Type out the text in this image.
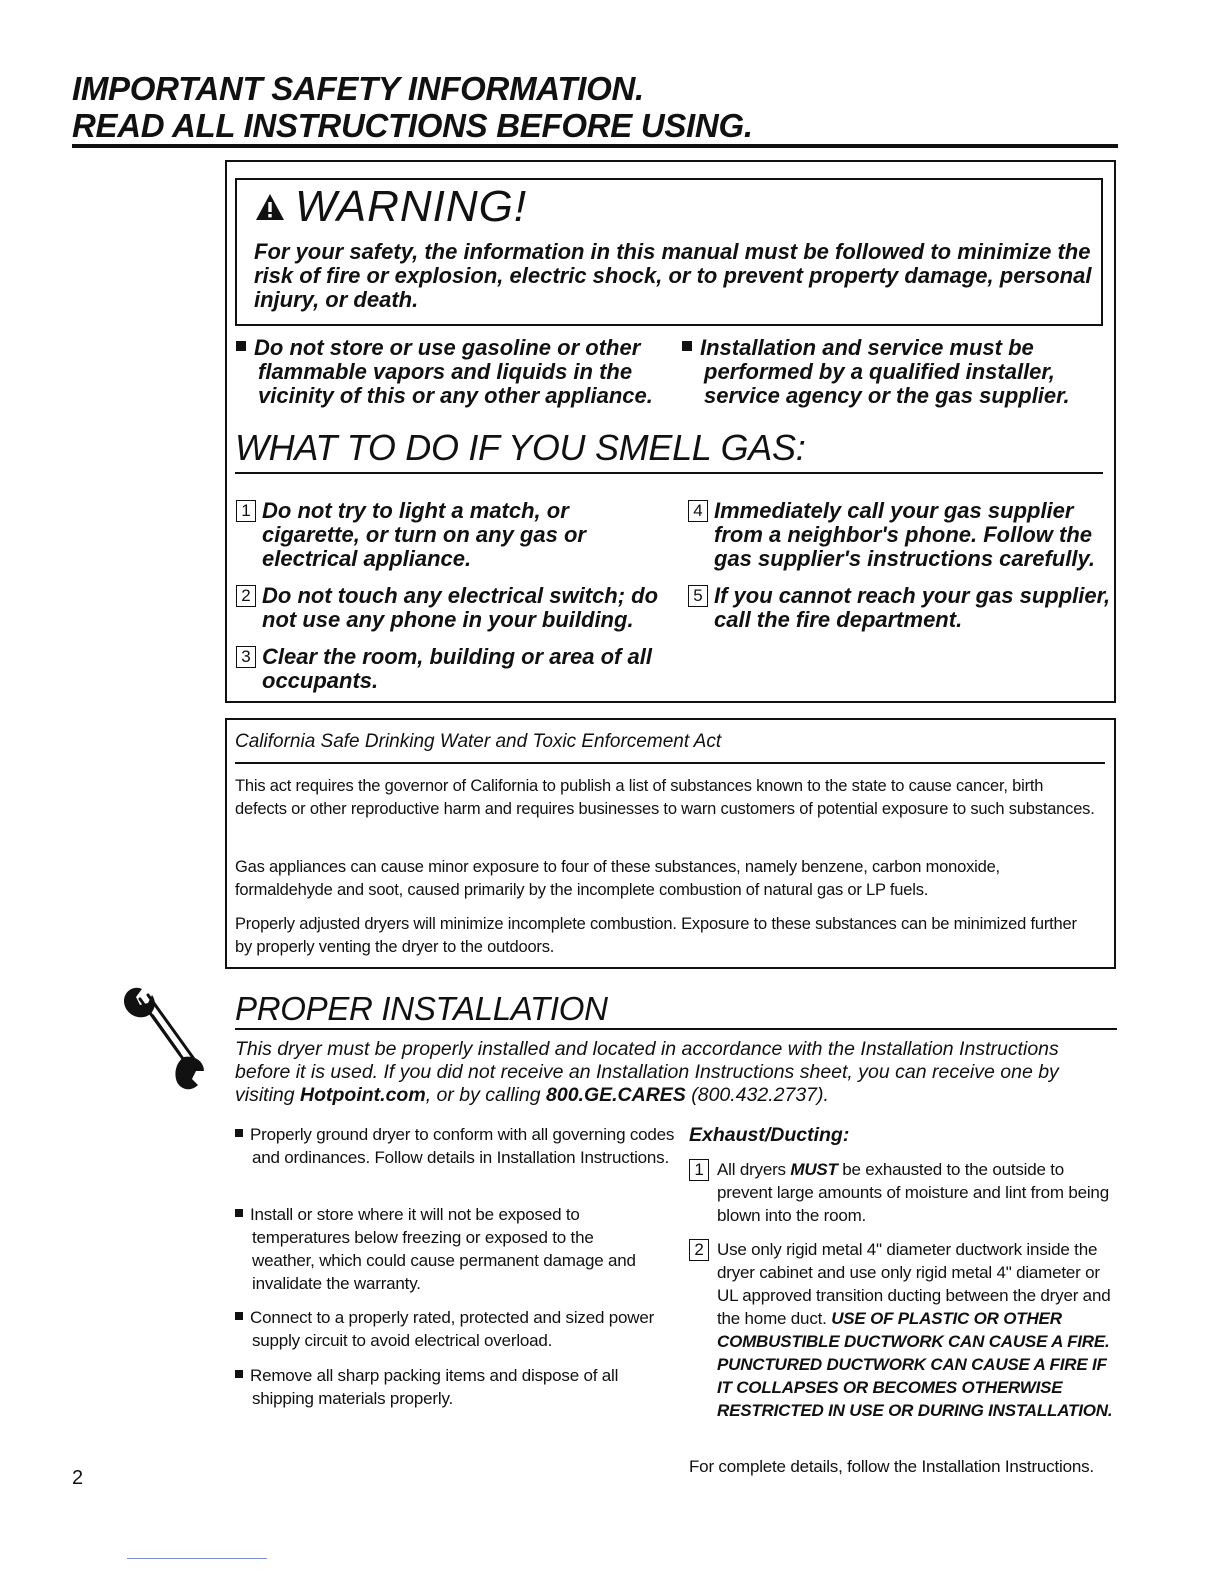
IMPORTANT SAFETY INFORMATION.
READ ALL INSTRUCTIONS BEFORE USING.
WARNING!
For your safety, the information in this manual must be followed to minimize the risk of fire or explosion, electric shock, or to prevent property damage, personal injury, or death.
Do not store or use gasoline or other flammable vapors and liquids in the vicinity of this or any other appliance.
Installation and service must be performed by a qualified installer, service agency or the gas supplier.
WHAT TO DO IF YOU SMELL GAS:
1 Do not try to light a match, or cigarette, or turn on any gas or electrical appliance.
2 Do not touch any electrical switch; do not use any phone in your building.
3 Clear the room, building or area of all occupants.
4 Immediately call your gas supplier from a neighbor's phone. Follow the gas supplier's instructions carefully.
5 If you cannot reach your gas supplier, call the fire department.
California Safe Drinking Water and Toxic Enforcement Act
This act requires the governor of California to publish a list of substances known to the state to cause cancer, birth defects or other reproductive harm and requires businesses to warn customers of potential exposure to such substances.
Gas appliances can cause minor exposure to four of these substances, namely benzene, carbon monoxide, formaldehyde and soot, caused primarily by the incomplete combustion of natural gas or LP fuels.
Properly adjusted dryers will minimize incomplete combustion. Exposure to these substances can be minimized further by properly venting the dryer to the outdoors.
PROPER INSTALLATION
This dryer must be properly installed and located in accordance with the Installation Instructions before it is used. If you did not receive an Installation Instructions sheet, you can receive one by visiting Hotpoint.com, or by calling 800.GE.CARES (800.432.2737).
Properly ground dryer to conform with all governing codes and ordinances. Follow details in Installation Instructions.
Install or store where it will not be exposed to temperatures below freezing or exposed to the weather, which could cause permanent damage and invalidate the warranty.
Connect to a properly rated, protected and sized power supply circuit to avoid electrical overload.
Remove all sharp packing items and dispose of all shipping materials properly.
Exhaust/Ducting:
1 All dryers MUST be exhausted to the outside to prevent large amounts of moisture and lint from being blown into the room.
2 Use only rigid metal 4" diameter ductwork inside the dryer cabinet and use only rigid metal 4" diameter or UL approved transition ducting between the dryer and the home duct. USE OF PLASTIC OR OTHER COMBUSTIBLE DUCTWORK CAN CAUSE A FIRE. PUNCTURED DUCTWORK CAN CAUSE A FIRE IF IT COLLAPSES OR BECOMES OTHERWISE RESTRICTED IN USE OR DURING INSTALLATION.
For complete details, follow the Installation Instructions.
2
